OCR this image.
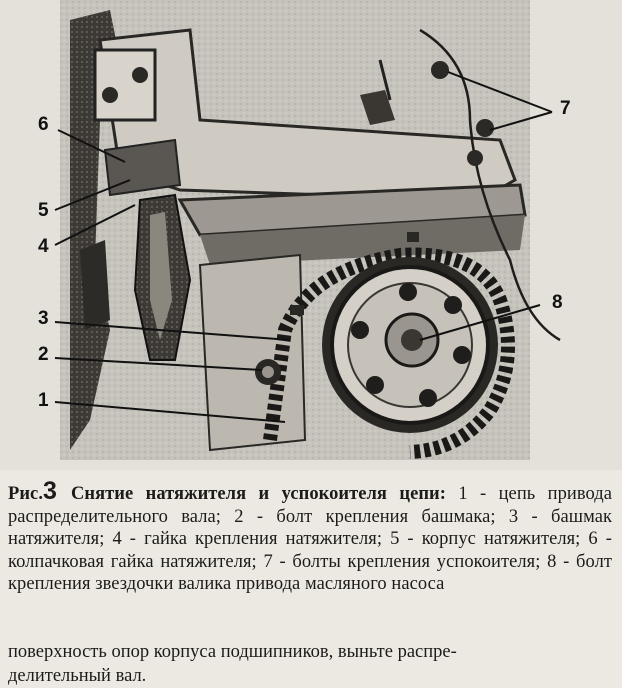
6
5
4
3
2
1
7
8
Рис.3 Снятие натяжителя и успокоителя цепи: 1 - цепь привода распределительного вала; 2 - болт крепления башмака; 3 - башмак натяжителя; 4 - гайка крепления натяжителя; 5 - корпус натяжителя; 6 - колпачковая гайка натяжителя; 7 - болты крепления успокоителя; 8 - болт крепления звездочки валика привода масляного насоса
поверхность опор корпуса подшипников, выньте распре-
делительный вал.
